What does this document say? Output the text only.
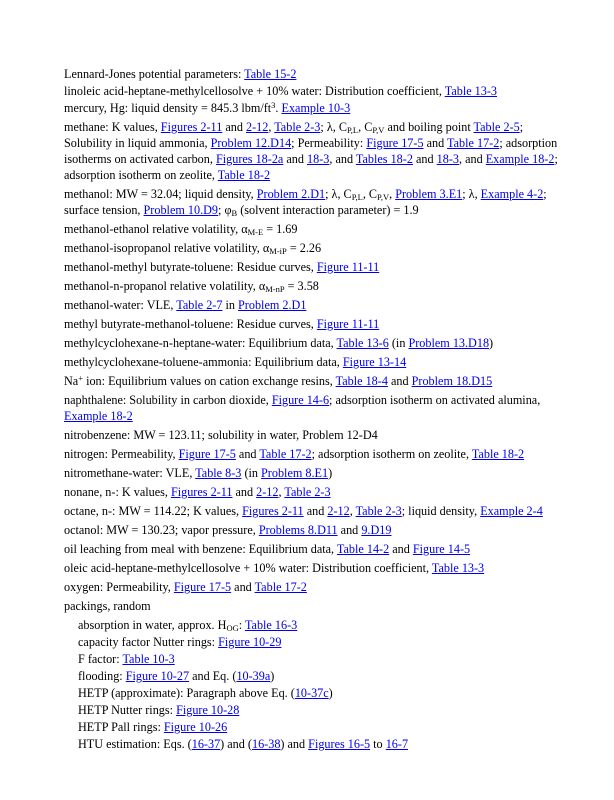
Lennard-Jones potential parameters: Table 15-2
linoleic acid-heptane-methylcellosolve + 10% water: Distribution coefficient, Table 13-3
mercury, Hg: liquid density = 845.3 lbm/$ft^3$. Example 10-3
methane: K values, Figures 2-11 and 2-12, Table 2-3; λ, $C_{P,L}$, $C_{P,V}$ and boiling point Table 2-5; Solubility in liquid ammonia, Problem 12.D14; Permeability: Figure 17-5 and Table 17-2; adsorption isotherms on activated carbon, Figures 18-2a and 18-3, and Tables 18-2 and 18-3, and Example 18-2; adsorption isotherm on zeolite, Table 18-2
methanol: MW = 32.04; liquid density, Problem 2.D1; λ, $C_{P,L}$, $C_{P,V}$, Problem 3.E1; λ, Example 4-2; surface tension, Problem 10.D9; $\varphi_B$ (solvent interaction parameter) = 1.9
methanol-ethanol relative volatility, $\alpha_{M-E} = 1.69$
methanol-isopropanol relative volatility, $\alpha_{M-iP} = 2.26$
methanol-methyl butyrate-toluene: Residue curves, Figure 11-11
methanol-n-propanol relative volatility, $\alpha_{M-nP} = 3.58$
methanol-water: VLE, Table 2-7 in Problem 2.D1
methyl butyrate-methanol-toluene: Residue curves, Figure 11-11
methylcyclohexane-n-heptane-water: Equilibrium data, Table 13-6 (in Problem 13.D18)
methylcyclohexane-toluene-ammonia: Equilibrium data, Figure 13-14
Na+ ion: Equilibrium values on cation exchange resins, Table 18-4 and Problem 18.D15
naphthalene: Solubility in carbon dioxide, Figure 14-6; adsorption isotherm on activated alumina, Example 18-2
nitrobenzene: MW = 123.11; solubility in water, Problem 12-D4
nitrogen: Permeability, Figure 17-5 and Table 17-2; adsorption isotherm on zeolite, Table 18-2
nitromethane-water: VLE, Table 8-3 (in Problem 8.E1)
nonane, n-: K values, Figures 2-11 and 2-12, Table 2-3
octane, n-: MW = 114.22; K values, Figures 2-11 and 2-12, Table 2-3; liquid density, Example 2-4
octanol: MW = 130.23; vapor pressure, Problems 8.D11 and 9.D19
oil leaching from meal with benzene: Equilibrium data, Table 14-2 and Figure 14-5
oleic acid-heptane-methylcellosolve + 10% water: Distribution coefficient, Table 13-3
oxygen: Permeability, Figure 17-5 and Table 17-2
packings, random
absorption in water, approx. $H_{OG}$: Table 16-3
capacity factor Nutter rings: Figure 10-29
F factor: Table 10-3
flooding: Figure 10-27 and Eq. (10-39a)
HETP (approximate): Paragraph above Eq. (10-37c)
HETP Nutter rings: Figure 10-28
HETP Pall rings: Figure 10-26
HTU estimation: Eqs. (16-37) and (16-38) and Figures 16-5 to 16-7
